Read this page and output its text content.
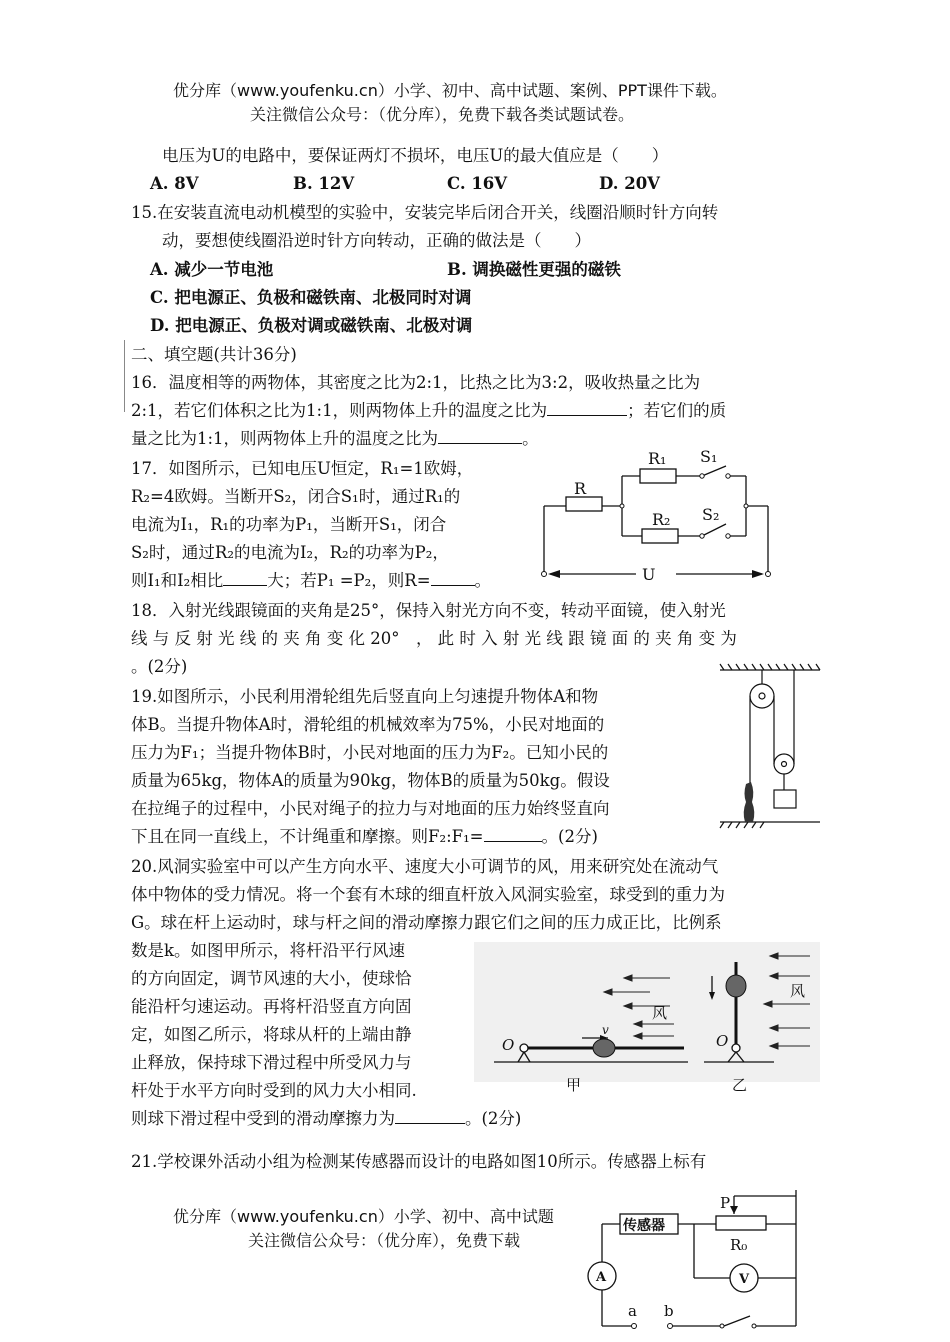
优分库（www.youfenku.cn）小学、初中、高中试题、案例、PPT课件下载。
关注微信公众号：（优分库），免费下载各类试题试卷。
电压为U的电路中，要保证两灯不损坏，电压U的最大值应是（　　）
A. 8V	B. 12V	C. 16V	D. 20V
15.在安装直流电动机模型的实验中，安装完毕后闭合开关，线圈沿顺时针方向转
动，要想使线圈沿逆时针方向转动，正确的做法是（　　）
A. 减少一节电池	B. 调换磁性更强的磁铁
C. 把电源正、负极和磁铁南、北极同时对调
D. 把电源正、负极对调或磁铁南、北极对调
二、填空题(共计36分)
16．温度相等的两物体，其密度之比为2:1，比热之比为3:2，吸收热量之比为
2:1，若它们体积之比为1:1，则两物体上升的温度之比为	；若它们的质
量之比为1:1，则两物体上升的温度之比为	。
17．如图所示，已知电压U恒定，R₁=1欧姆，
R₂=4欧姆。当断开S₂，闭合S₁时，通过R₁的
电流为I₁，R₁的功率为P₁，当断开S₁，闭合
S₂时，通过R₂的电流为I₂，R₂的功率为P₂，
则I₁和I₂相比	大；若P₁ =P₂，则R=	。
R
R₁ S₁
R₂ S₂
U
18．入射光线跟镜面的夹角是25°，保持入射光方向不变，转动平面镜，使入射光
线 与 反 射 光 线 的 夹 角 变 化 20°　， 此 时 入 射 光 线 跟 镜 面 的 夹 角 变 为
。(2分)
19.如图所示，小民利用滑轮组先后竖直向上匀速提升物体A和物
体B。当提升物体A时，滑轮组的机械效率为75%，小民对地面的
压力为F₁；当提升物体B时，小民对地面的压力为F₂。已知小民的
质量为65kg，物体A的质量为90kg，物体B的质量为50kg。假设
在拉绳子的过程中，小民对绳子的拉力与对地面的压力始终竖直向
下且在同一直线上，不计绳重和摩擦。则F₂:F₁=	。(2分)
20.风洞实验室中可以产生方向水平、速度大小可调节的风，用来研究处在流动气
体中物体的受力情况。将一个套有木球的细直杆放入风洞实验室，球受到的重力为
G。球在杆上运动时，球与杆之间的滑动摩擦力跟它们之间的压力成正比，比例系
数是k。如图甲所示，将杆沿平行风速
的方向固定，调节风速的大小，使球恰
能沿杆匀速运动。再将杆沿竖直方向固
定，如图乙所示，将球从杆的上端由静
止释放，保持球下滑过程中所受风力与
杆处于水平方向时受到的风力大小相同.
则球下滑过程中受到的滑动摩擦力为	。(2分)
O
v
风
甲
O
风
乙
21.学校课外活动小组为检测某传感器而设计的电路如图10所示。传感器上标有
优分库（www.youfenku.cn）小学、初中、高中试题
关注微信公众号：（优分库），免费下载
P
传感器
R₀
A	V
a b
